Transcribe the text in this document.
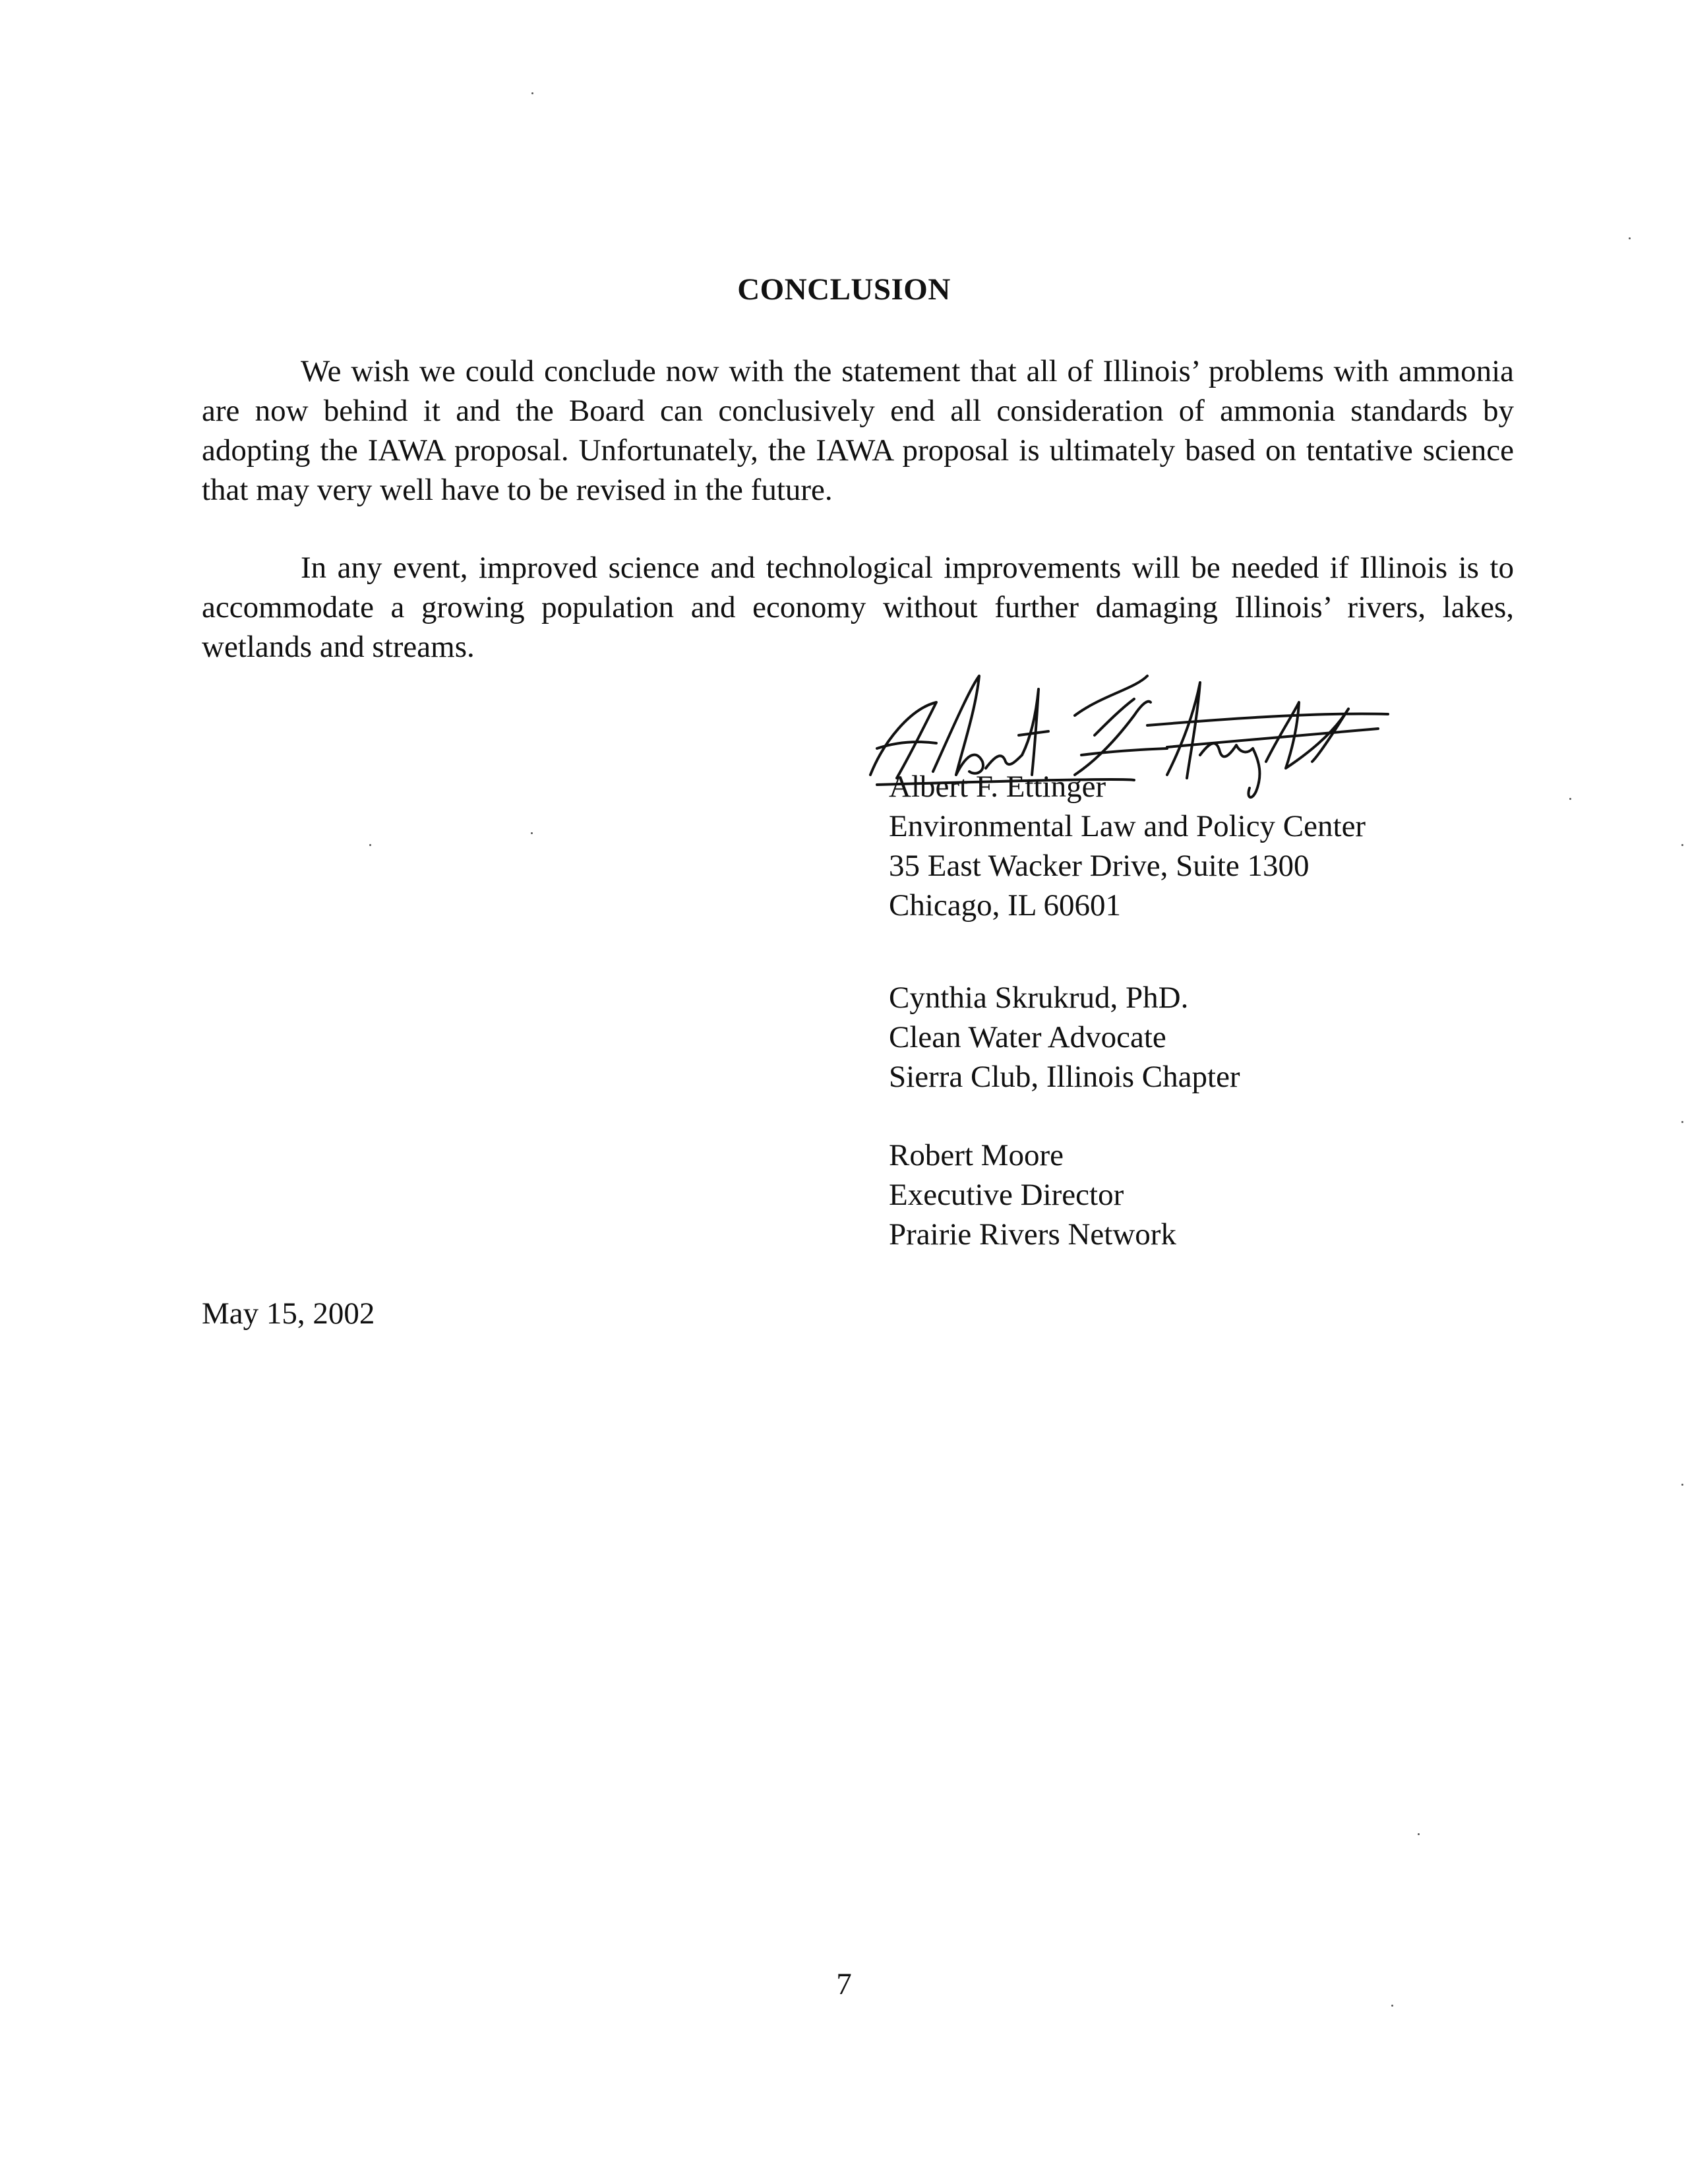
CONCLUSION

We wish we could conclude now with the statement that all of Illinois’ problems with ammonia are now behind it and the Board can conclusively end all consideration of ammonia standards by adopting the IAWA proposal. Unfortunately, the IAWA proposal is ultimately based on tentative science that may very well have to be revised in the future.

In any event, improved science and technological improvements will be needed if Illinois is to accommodate a growing population and economy without further damaging Illinois’ rivers, lakes, wetlands and streams.

Albert F. Ettinger
Environmental Law and Policy Center
35 East Wacker Drive, Suite 1300
Chicago, IL 60601
Cynthia Skrukrud, PhD.
Clean Water Advocate
Sierra Club, Illinois Chapter
Robert Moore
Executive Director
Prairie Rivers Network
May 15, 2002
7
